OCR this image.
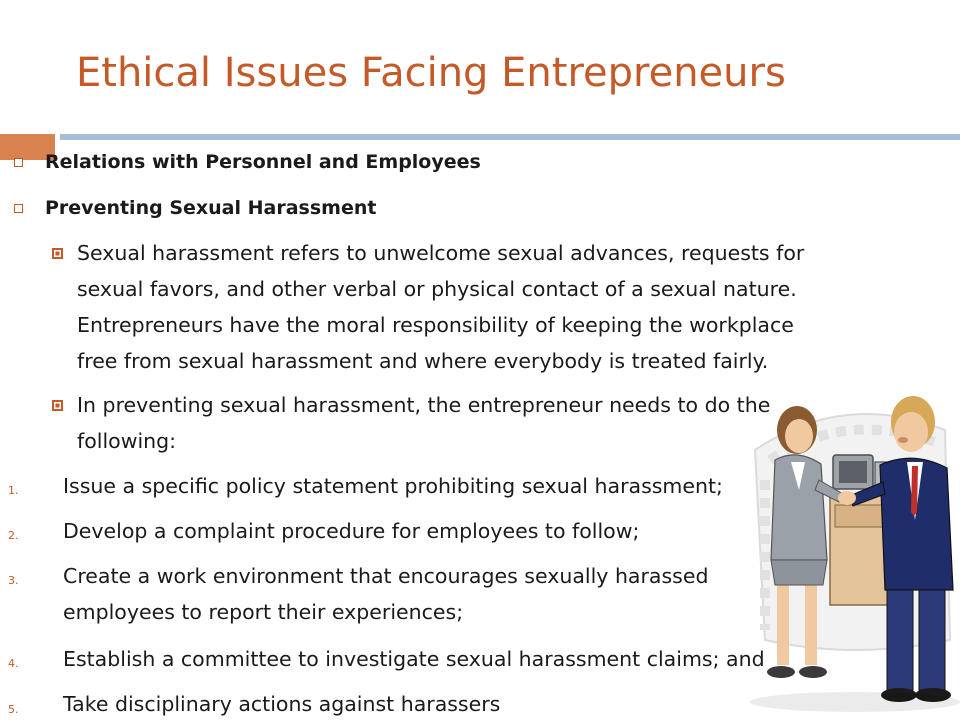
Ethical Issues Facing Entrepreneurs
Relations with Personnel and Employees
Preventing Sexual Harassment
Sexual harassment refers to unwelcome sexual advances, requests for
sexual favors, and other verbal or physical contact of a sexual nature.
Entrepreneurs have the moral responsibility of keeping the workplace
free from sexual harassment and where everybody is treated fairly.
In preventing sexual harassment, the entrepreneur needs to do the
following:
1. Issue a specific policy statement prohibiting sexual harassment;
2. Develop a complaint procedure for employees to follow;
3. Create a work environment that encourages sexually harassed
employees to report their experiences;
4. Establish a committee to investigate sexual harassment claims; and
5. Take disciplinary actions against harassers
